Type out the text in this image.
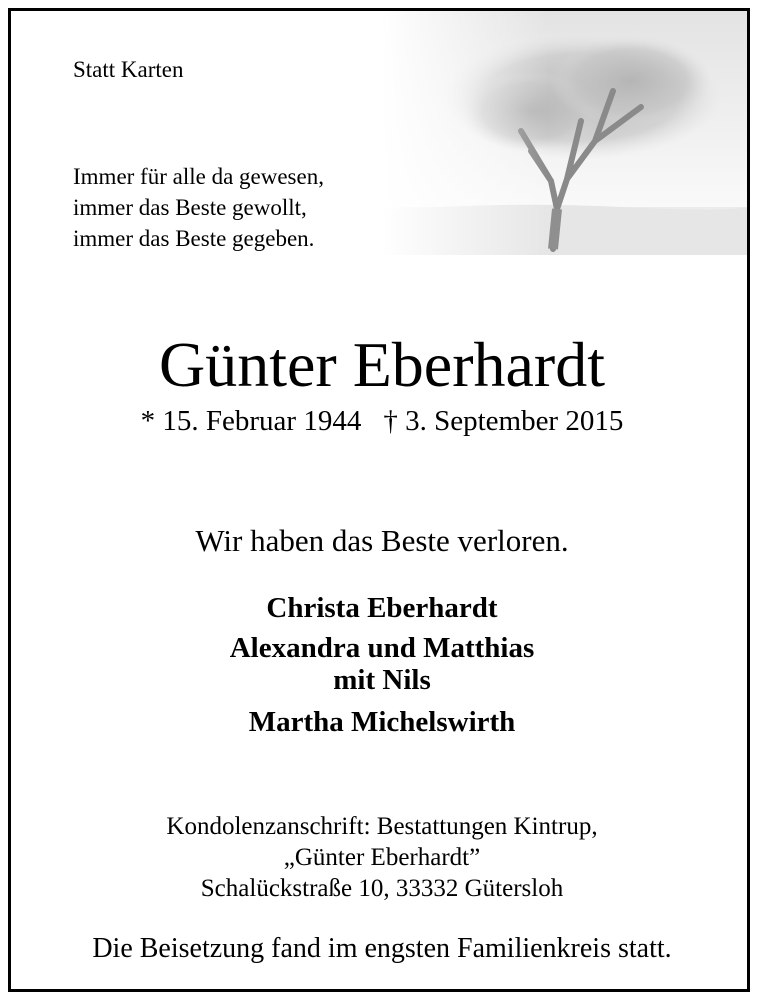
Statt Karten
Immer für alle da gewesen,
immer das Beste gewollt,
immer das Beste gegeben.
Günter Eberhardt
* 15. Februar 1944 † 3. September 2015
Wir haben das Beste verloren.
Christa Eberhardt
Alexandra und Matthias
mit Nils
Martha Michelswirth
Kondolenzanschrift: Bestattungen Kintrup,
„Günter Eberhardt”
Schalückstraße 10, 33332 Gütersloh
Die Beisetzung fand im engsten Familienkreis statt.
